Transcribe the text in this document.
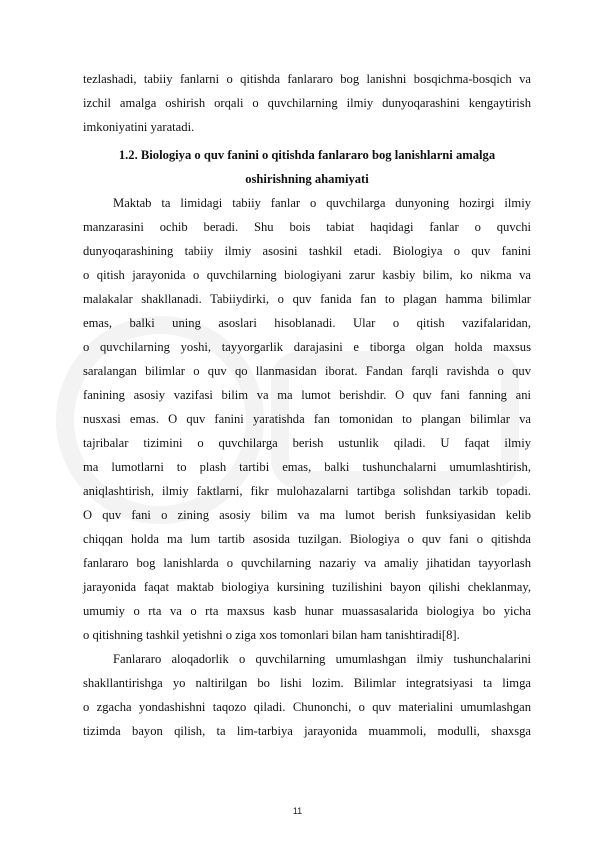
tezlashadi, tabiiy fanlarni o qitishda fanlararo bog lanishni bosqichma-bosqich va
izchil amalga oshirish orqali o quvchilarning ilmiy dunyoqarashini kengaytirish
imkoniyatini yaratadi.
1.2. Biologiya o quv fanini o qitishda fanlararo bog lanishlarni amalga
oshirishning ahamiyati
Maktab ta limidagi tabiiy fanlar o quvchilarga dunyoning hozirgi ilmiy
manzarasini ochib beradi. Shu bois tabiat haqidagi fanlar o quvchi
dunyoqarashining tabiiy ilmiy asosini tashkil etadi. Biologiya o quv fanini
o qitish jarayonida o quvchilarning biologiyani zarur kasbiy bilim, ko nikma va
malakalar shakllanadi. Tabiiydirki, o quv fanida fan to plagan hamma bilimlar
emas, balki uning asoslari hisoblanadi. Ular o qitish vazifalaridan,
o quvchilarning yoshi, tayyorgarlik darajasini e tiborga olgan holda maxsus
saralangan bilimlar o quv qo llanmasidan iborat. Fandan farqli ravishda o quv
fanining asosiy vazifasi bilim va ma lumot berishdir. O quv fani fanning ani
nusxasi emas. O quv fanini yaratishda fan tomonidan to plangan bilimlar va
tajribalar tizimini o quvchilarga berish ustunlik qiladi. U faqat ilmiy
ma lumotlarni to plash tartibi emas, balki tushunchalarni umumlashtirish,
aniqlashtirish, ilmiy faktlarni, fikr mulohazalarni tartibga solishdan tarkib topadi.
O quv fani o zining asosiy bilim va ma lumot berish funksiyasidan kelib
chiqqan holda ma lum tartib asosida tuzilgan. Biologiya o quv fani o qitishda
fanlararo bog lanishlarda o quvchilarning nazariy va amaliy jihatidan tayyorlash
jarayonida faqat maktab biologiya kursining tuzilishini bayon qilishi cheklanmay,
umumiy o rta va o rta maxsus kasb hunar muassasalarida biologiya bo yicha
o qitishning tashkil yetishni o ziga xos tomonlari bilan ham tanishtiradi[8].
Fanlararo aloqadorlik o quvchilarning umumlashgan ilmiy tushunchalarini
shakllantirishga yo naltirilgan bo lishi lozim. Bilimlar integratsiyasi ta limga
o zgacha yondashishni taqozo qiladi. Chunonchi, o quv materialini umumlashgan
tizimda bayon qilish, ta lim-tarbiya jarayonida muammoli, modulli, shaxsga
11
